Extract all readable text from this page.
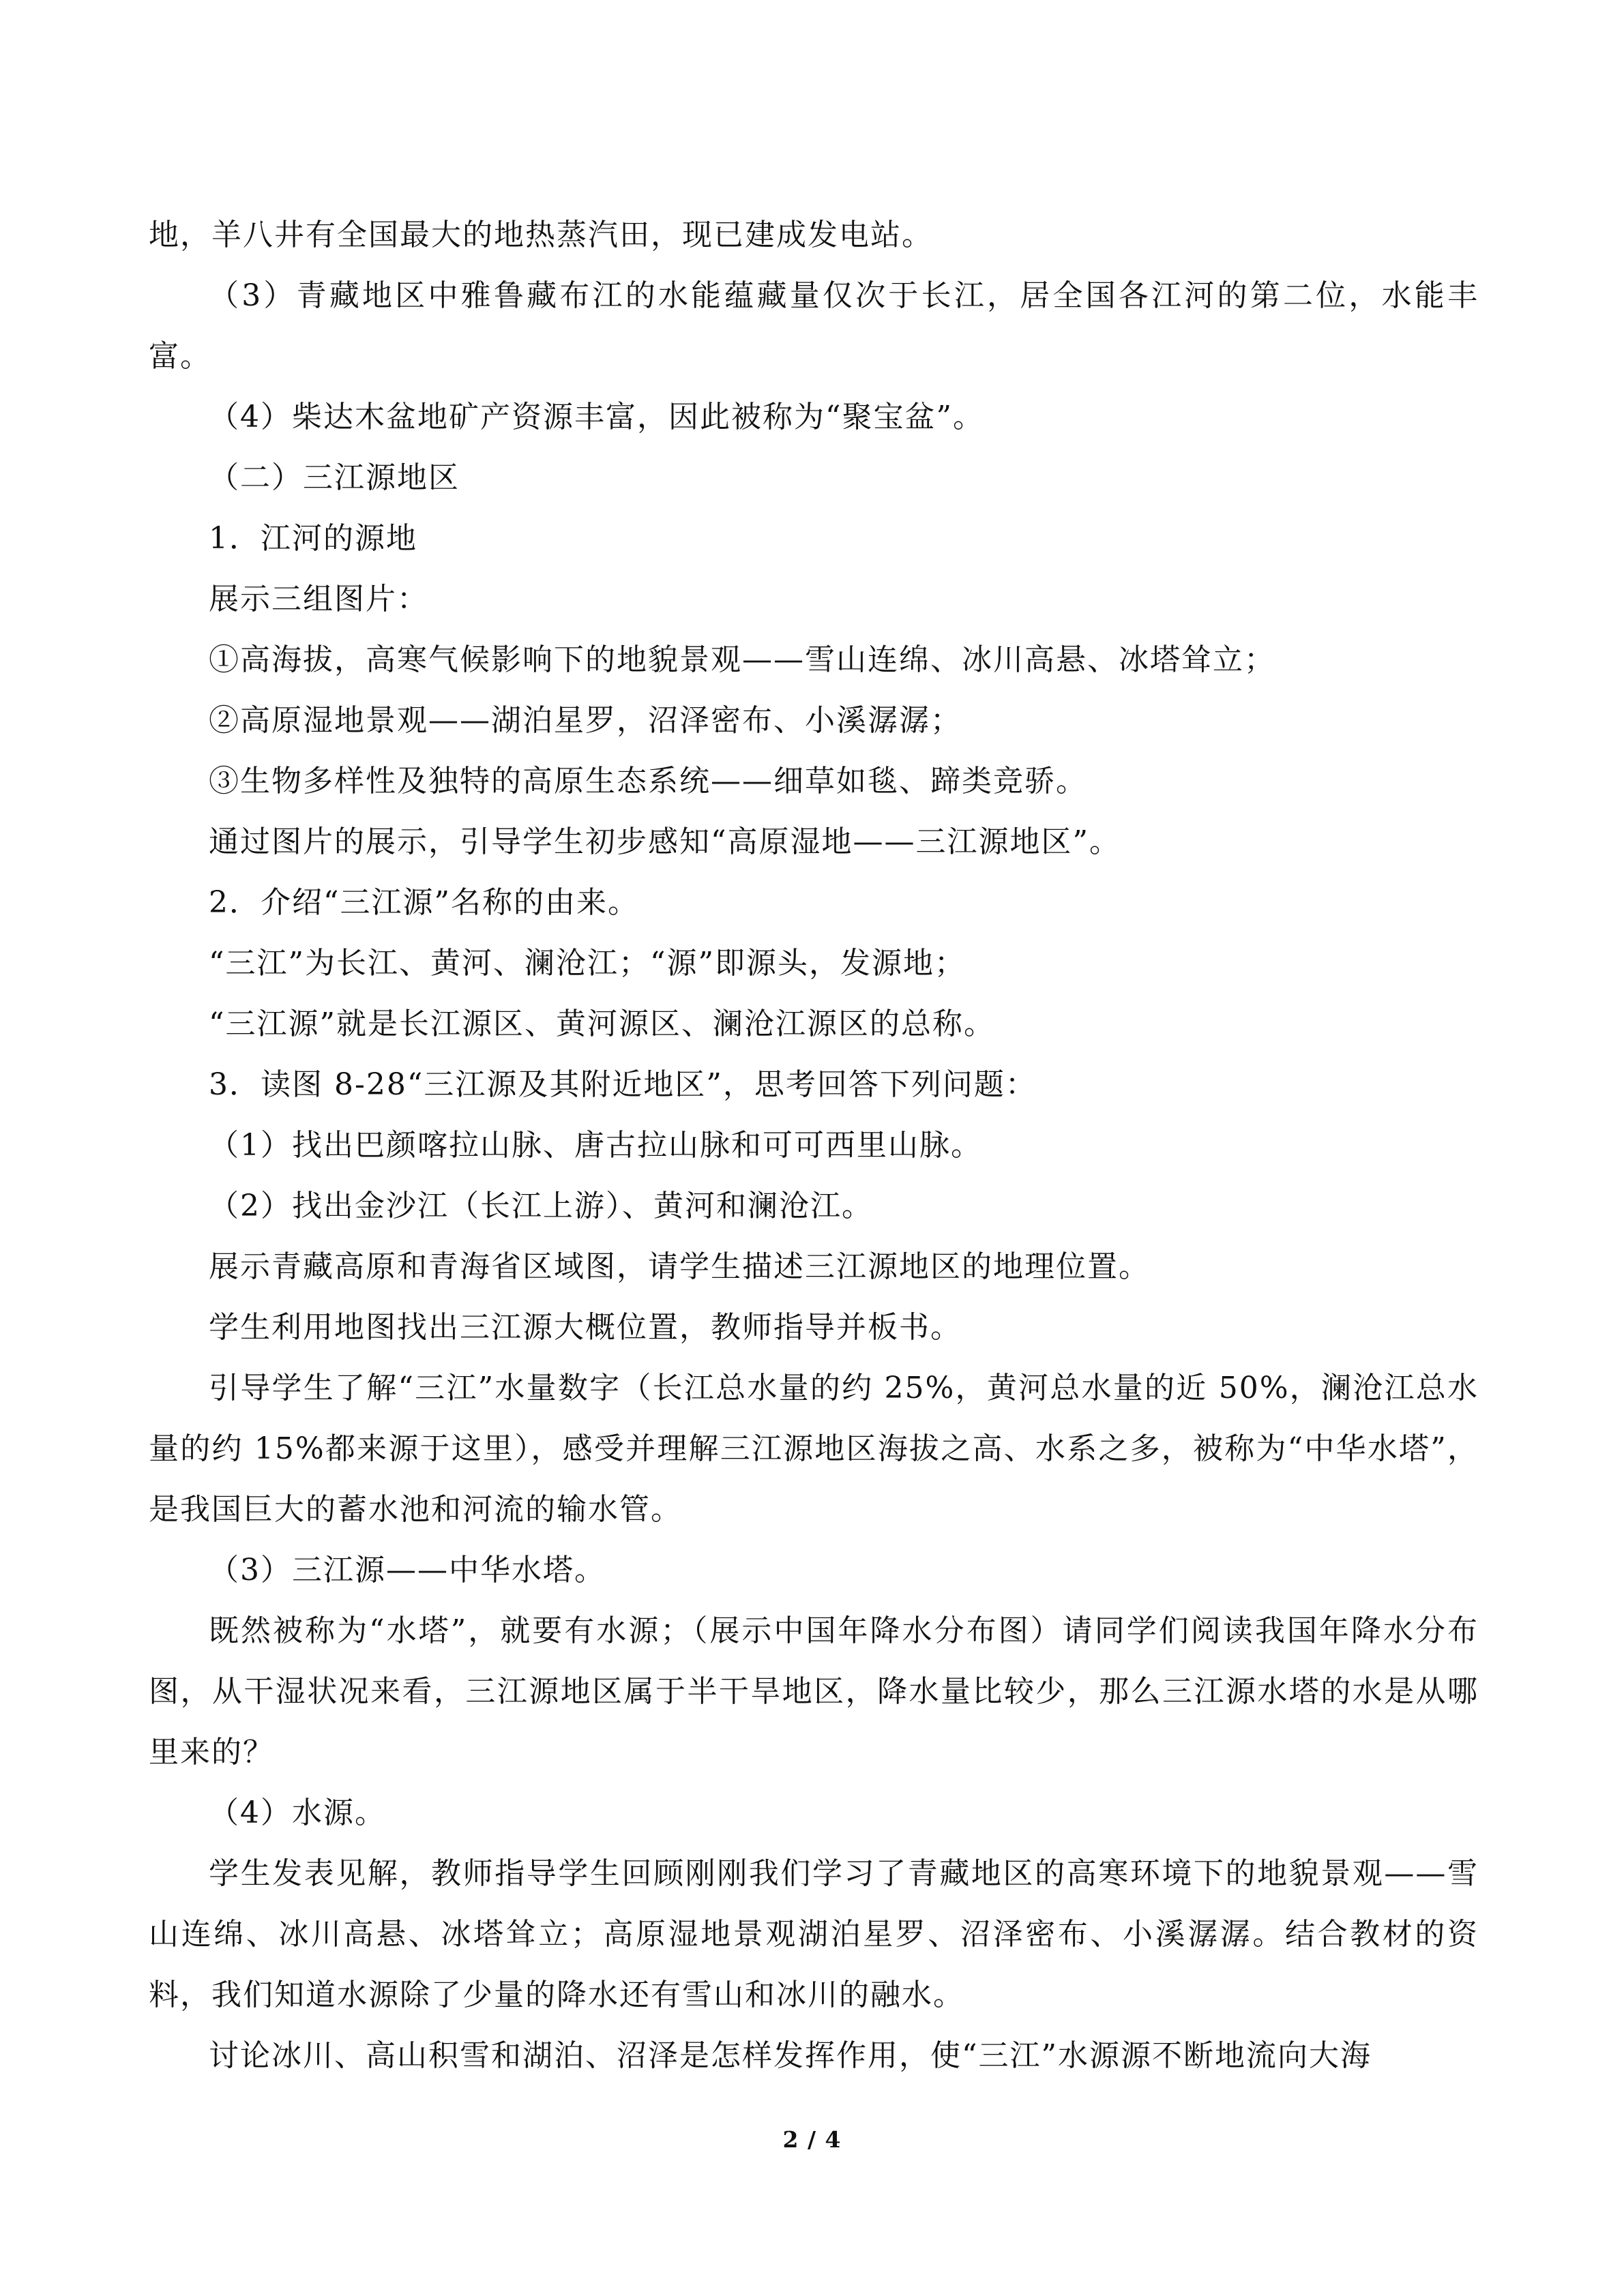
地，羊八井有全国最大的地热蒸汽田，现已建成发电站。

（3）青藏地区中雅鲁藏布江的水能蕴藏量仅次于长江，居全国各江河的第二位，水能丰富。

（4）柴达木盆地矿产资源丰富，因此被称为“聚宝盆”。

（二）三江源地区

1．江河的源地

展示三组图片：

①高海拔，高寒气候影响下的地貌景观——雪山连绵、冰川高悬、冰塔耸立；

②高原湿地景观——湖泊星罗，沼泽密布、小溪潺潺；

③生物多样性及独特的高原生态系统——细草如毯、蹄类竞骄。

通过图片的展示，引导学生初步感知“高原湿地——三江源地区”。

2．介绍“三江源”名称的由来。

“三江”为长江、黄河、澜沧江；“源”即源头，发源地；

“三江源”就是长江源区、黄河源区、澜沧江源区的总称。

3．读图 8-28“三江源及其附近地区”，思考回答下列问题：

（1）找出巴颜喀拉山脉、唐古拉山脉和可可西里山脉。

（2）找出金沙江（长江上游）、黄河和澜沧江。

展示青藏高原和青海省区域图，请学生描述三江源地区的地理位置。

学生利用地图找出三江源大概位置，教师指导并板书。

引导学生了解“三江”水量数字（长江总水量的约 25%，黄河总水量的近 50%，澜沧江总水量的约 15%都来源于这里），感受并理解三江源地区海拔之高、水系之多，被称为“中华水塔”，是我国巨大的蓄水池和河流的输水管。

（3）三江源——中华水塔。

既然被称为“水塔”，就要有水源；（展示中国年降水分布图）请同学们阅读我国年降水分布图，从干湿状况来看，三江源地区属于半干旱地区，降水量比较少，那么三江源水塔的水是从哪里来的？

（4）水源。

学生发表见解，教师指导学生回顾刚刚我们学习了青藏地区的高寒环境下的地貌景观——雪山连绵、冰川高悬、冰塔耸立；高原湿地景观湖泊星罗、沼泽密布、小溪潺潺。结合教材的资料，我们知道水源除了少量的降水还有雪山和冰川的融水。

讨论冰川、高山积雪和湖泊、沼泽是怎样发挥作用，使“三江”水源源不断地流向大海

2 / 4
